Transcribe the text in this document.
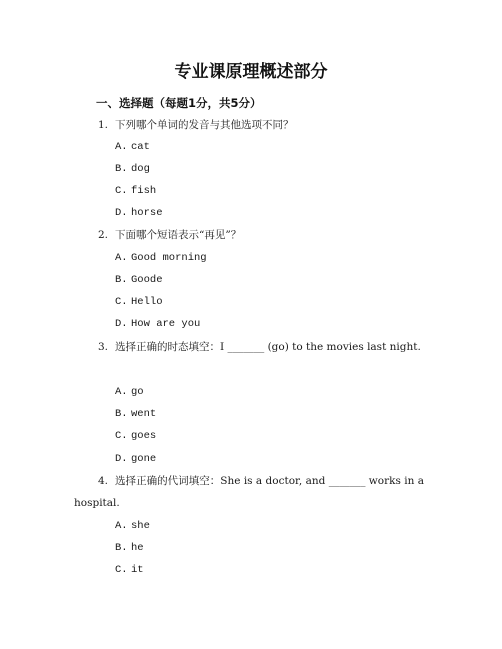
专业课原理概述部分
一、选择题（每题1分，共5分）
1. 下列哪个单词的发音与其他选项不同？
A. cat
B. dog
C. fish
D. horse
2. 下面哪个短语表示“再见”？
A. Good morning
B. Goode
C. Hello
D. How are you
3. 选择正确的时态填空：I _______ (go) to the movies last night.
A. go
B. went
C. goes
D. gone
4. 选择正确的代词填空：She is a doctor, and _______ works in a hospital.
A. she
B. he
C. it
